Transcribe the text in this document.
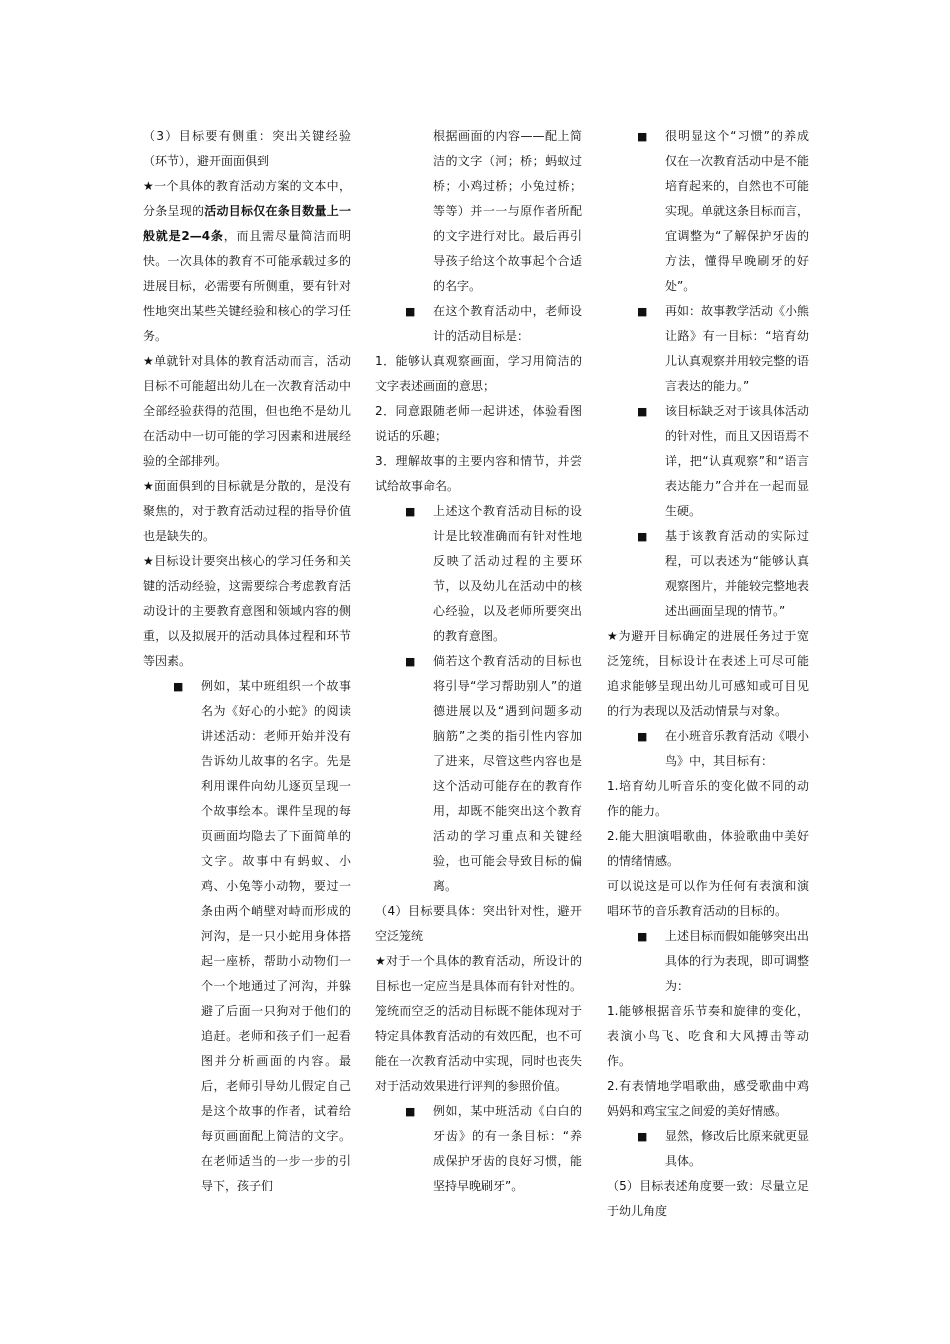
（3）目标要有侧重：突出关键经验（环节），避开面面俱到

★一个具体的教育活动方案的文本中，分条呈现的活动目标仅在条目数量上一般就是2—4条，而且需尽量简洁而明快。一次具体的教育不可能承载过多的进展目标，必需要有所侧重，要有针对性地突出某些关键经验和核心的学习任务。

★单就针对具体的教育活动而言，活动目标不可能超出幼儿在一次教育活动中全部经验获得的范围，但也绝不是幼儿在活动中一切可能的学习因素和进展经验的全部排列。

★面面俱到的目标就是分散的，是没有聚焦的，对于教育活动过程的指导价值也是缺失的。

★目标设计要突出核心的学习任务和关键的活动经验，这需要综合考虑教育活动设计的主要教育意图和领域内容的侧重，以及拟展开的活动具体过程和环节等因素。

■ 例如，某中班组织一个故事名为《好心的小蛇》的阅读讲述活动：老师开始并没有告诉幼儿故事的名字。先是利用课件向幼儿逐页呈现一个故事绘本。课件呈现的每页画面均隐去了下面简单的文字。故事中有蚂蚁、小鸡、小兔等小动物，要过一条由两个峭壁对峙而形成的河沟，是一只小蛇用身体搭起一座桥，帮助小动物们一个一个地通过了河沟，并躲避了后面一只狗对于他们的追赶。老师和孩子们一起看图并分析画面的内容。最后，老师引导幼儿假定自己是这个故事的作者，试着给每页画面配上简洁的文字。在老师适当的一步一步的引导下，孩子们
根据画面的内容——配上简洁的文字（河；桥；蚂蚁过桥；小鸡过桥；小兔过桥；等等）并一一与原作者所配的文字进行对比。最后再引导孩子给这个故事起个合适的名字。
■ 在这个教育活动中，老师设计的活动目标是：

1．能够认真观察画面，学习用简洁的文字表述画面的意思；

2．同意跟随老师一起讲述，体验看图说话的乐趣；

3．理解故事的主要内容和情节，并尝试给故事命名。

■ 上述这个教育活动目标的设计是比较准确而有针对性地反映了活动过程的主要环节，以及幼儿在活动中的核心经验，以及老师所要突出的教育意图。
■ 倘若这个教育活动的目标也将引导“学习帮助别人”的道德进展以及“遇到问题多动脑筋”之类的指引性内容加了进来，尽管这些内容也是这个活动可能存在的教育作用，却既不能突出这个教育活动的学习重点和关键经验，也可能会导致目标的偏离。

（4）目标要具体：突出针对性，避开空泛笼统

★对于一个具体的教育活动，所设计的目标也一定应当是具体而有针对性的。笼统而空乏的活动目标既不能体现对于特定具体教育活动的有效匹配，也不可能在一次教育活动中实现，同时也丧失对于活动效果进行评判的参照价值。

■ 例如，某中班活动《白白的牙齿》的有一条目标：“养成保护牙齿的良好习惯，能坚持早晚刷牙”。
■ 很明显这个“习惯”的养成仅在一次教育活动中是不能培育起来的，自然也不可能实现。单就这条目标而言，宜调整为“了解保护牙齿的方法，懂得早晚刷牙的好处”。
■ 再如：故事教学活动《小熊让路》有一目标：“培育幼儿认真观察并用较完整的语言表达的能力。”
■ 该目标缺乏对于该具体活动的针对性，而且又因语焉不详，把“认真观察”和“语言表达能力”合并在一起而显生硬。
■ 基于该教育活动的实际过程，可以表述为“能够认真观察图片，并能较完整地表述出画面呈现的情节。”

★为避开目标确定的进展任务过于宽泛笼统，目标设计在表述上可尽可能追求能够呈现出幼儿可感知或可目见的行为表现以及活动情景与对象。

■ 在小班音乐教育活动《喂小鸟》中，其目标有：

1.培育幼儿听音乐的变化做不同的动作的能力。

2.能大胆演唱歌曲，体验歌曲中美好的情绪情感。

可以说这是可以作为任何有表演和演唱环节的音乐教育活动的目标的。

■ 上述目标而假如能够突出出具体的行为表现，即可调整为：

1.能够根据音乐节奏和旋律的变化，表演小鸟飞、吃食和大风搏击等动作。

2.有表情地学唱歌曲，感受歌曲中鸡妈妈和鸡宝宝之间爱的美好情感。

■ 显然，修改后比原来就更显具体。

（5）目标表述角度要一致：尽量立足于幼儿角度
